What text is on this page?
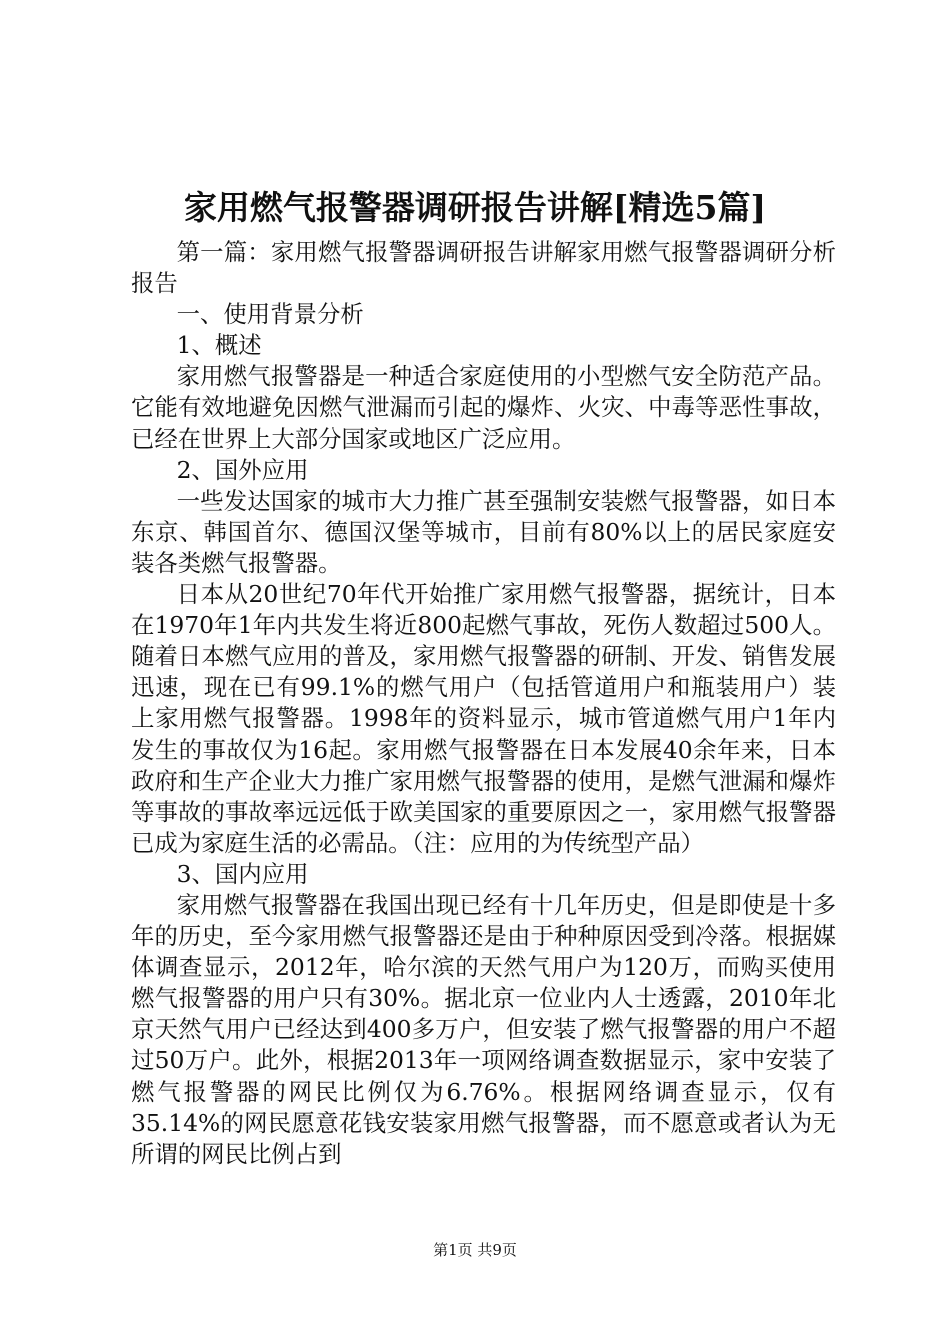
家用燃气报警器调研报告讲解[精选5篇]

第一篇：家用燃气报警器调研报告讲解家用燃气报警器调研分析报告

一、使用背景分析

1、概述

家用燃气报警器是一种适合家庭使用的小型燃气安全防范产品。它能有效地避免因燃气泄漏而引起的爆炸、火灾、中毒等恶性事故，已经在世界上大部分国家或地区广泛应用。

2、国外应用

一些发达国家的城市大力推广甚至强制安装燃气报警器，如日本东京、韩国首尔、德国汉堡等城市，目前有80%以上的居民家庭安装各类燃气报警器。

日本从20世纪70年代开始推广家用燃气报警器，据统计，日本在1970年1年内共发生将近800起燃气事故，死伤人数超过500人。随着日本燃气应用的普及，家用燃气报警器的研制、开发、销售发展迅速，现在已有99.1%的燃气用户（包括管道用户和瓶装用户）装上家用燃气报警器。1998年的资料显示，城市管道燃气用户1年内发生的事故仅为16起。家用燃气报警器在日本发展40余年来，日本政府和生产企业大力推广家用燃气报警器的使用，是燃气泄漏和爆炸等事故的事故率远远低于欧美国家的重要原因之一，家用燃气报警器已成为家庭生活的必需品。（注：应用的为传统型产品）

3、国内应用

家用燃气报警器在我国出现已经有十几年历史，但是即使是十多年的历史，至今家用燃气报警器还是由于种种原因受到冷落。根据媒体调查显示，2012年，哈尔滨的天然气用户为120万，而购买使用燃气报警器的用户只有30%。据北京一位业内人士透露，2010年北京天然气用户已经达到400多万户，但安装了燃气报警器的用户不超过50万户。此外，根据2013年一项网络调查数据显示，家中安装了燃气报警器的网民比例仅为6.76%。根据网络调查显示，仅有35.14%的网民愿意花钱安装家用燃气报警器，而不愿意或者认为无所谓的网民比例占到

第1页 共9页
